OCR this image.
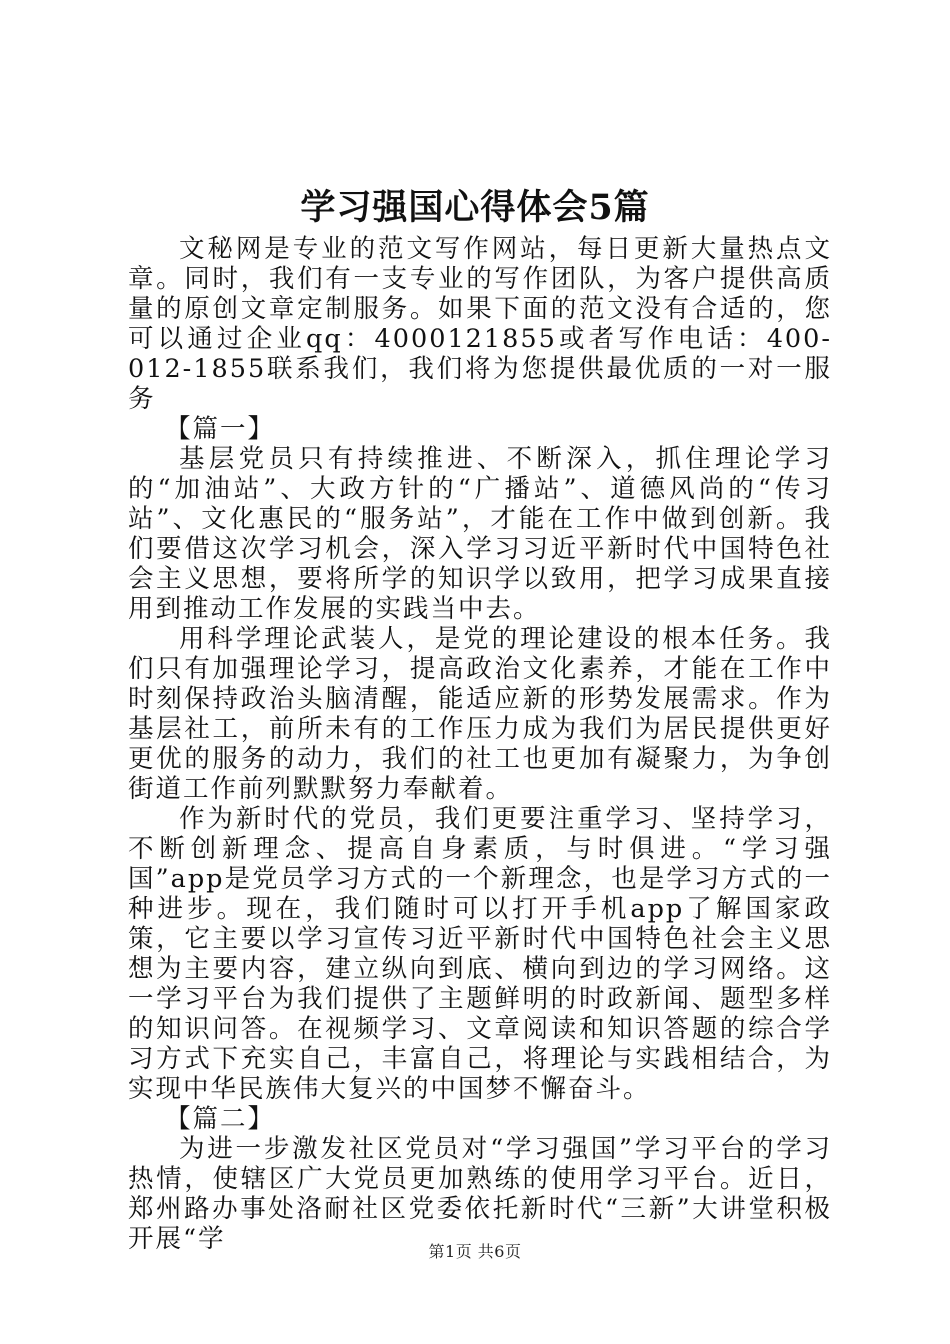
学习强国心得体会5篇

文秘网是专业的范文写作网站，每日更新大量热点文章。同时，我们有一支专业的写作团队，为客户提供高质量的原创文章定制服务。如果下面的范文没有合适的，您可以通过企业qq：4000121855或者写作电话：400-012-1855联系我们，我们将为您提供最优质的一对一服务

【篇一】

基层党员只有持续推进、不断深入，抓住理论学习的“加油站”、大政方针的“广播站”、道德风尚的“传习站”、文化惠民的“服务站”，才能在工作中做到创新。我们要借这次学习机会，深入学习习近平新时代中国特色社会主义思想，要将所学的知识学以致用，把学习成果直接用到推动工作发展的实践当中去。

用科学理论武装人，是党的理论建设的根本任务。我们只有加强理论学习，提高政治文化素养，才能在工作中时刻保持政治头脑清醒，能适应新的形势发展需求。作为基层社工，前所未有的工作压力成为我们为居民提供更好更优的服务的动力，我们的社工也更加有凝聚力，为争创街道工作前列默默努力奉献着。

作为新时代的党员，我们更要注重学习、坚持学习，不断创新理念、提高自身素质，与时俱进。“学习强国”app是党员学习方式的一个新理念，也是学习方式的一种进步。现在，我们随时可以打开手机app了解国家政策，它主要以学习宣传习近平新时代中国特色社会主义思想为主要内容，建立纵向到底、横向到边的学习网络。这一学习平台为我们提供了主题鲜明的时政新闻、题型多样的知识问答。在视频学习、文章阅读和知识答题的综合学习方式下充实自己，丰富自己，将理论与实践相结合，为实现中华民族伟大复兴的中国梦不懈奋斗。

【篇二】

为进一步激发社区党员对“学习强国”学习平台的学习热情，使辖区广大党员更加熟练的使用学习平台。近日，郑州路办事处洛耐社区党委依托新时代“三新”大讲堂积极开展“学	第1页 共6页
